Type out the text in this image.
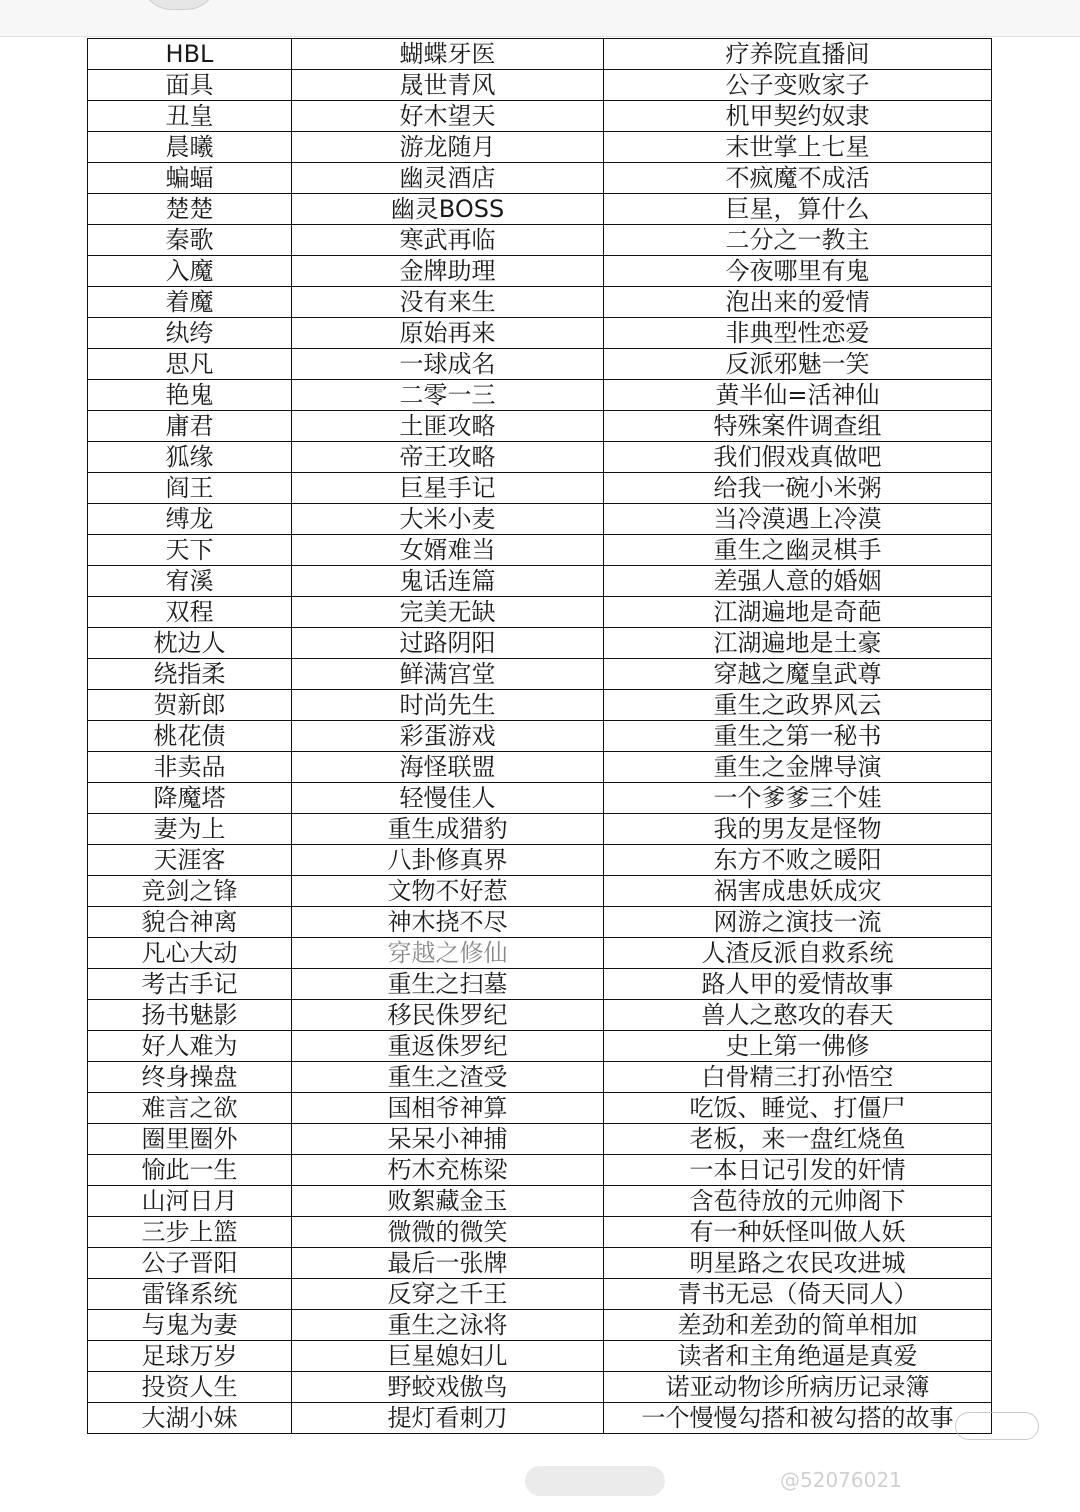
HBL	蝴蝶牙医	疗养院直播间
面具	晟世青风	公子变败家子
丑皇	好木望天	机甲契约奴隶
晨曦	游龙随月	末世掌上七星
蝙蝠	幽灵酒店	不疯魔不成活
楚楚	幽灵BOSS	巨星，算什么
秦歌	寒武再临	二分之一教主
入魔	金牌助理	今夜哪里有鬼
着魔	没有来生	泡出来的爱情
纨绔	原始再来	非典型性恋爱
思凡	一球成名	反派邪魅一笑
艳鬼	二零一三	黄半仙=活神仙
庸君	土匪攻略	特殊案件调查组
狐缘	帝王攻略	我们假戏真做吧
阎王	巨星手记	给我一碗小米粥
缚龙	大米小麦	当冷漠遇上冷漠
天下	女婿难当	重生之幽灵棋手
宥溪	鬼话连篇	差强人意的婚姻
双程	完美无缺	江湖遍地是奇葩
枕边人	过路阴阳	江湖遍地是土豪
绕指柔	鲜满宫堂	穿越之魔皇武尊
贺新郎	时尚先生	重生之政界风云
桃花债	彩蛋游戏	重生之第一秘书
非卖品	海怪联盟	重生之金牌导演
降魔塔	轻慢佳人	一个爹爹三个娃
妻为上	重生成猎豹	我的男友是怪物
天涯客	八卦修真界	东方不败之暖阳
竞剑之锋	文物不好惹	祸害成患妖成灾
貌合神离	神木挠不尽	网游之演技一流
凡心大动	穿越之修仙	人渣反派自救系统
考古手记	重生之扫墓	路人甲的爱情故事
扬书魅影	移民侏罗纪	兽人之憨攻的春天
好人难为	重返侏罗纪	史上第一佛修
终身操盘	重生之渣受	白骨精三打孙悟空
难言之欲	国相爷神算	吃饭、睡觉、打僵尸
圈里圈外	呆呆小神捕	老板，来一盘红烧鱼
愉此一生	朽木充栋梁	一本日记引发的奸情
山河日月	败絮藏金玉	含苞待放的元帅阁下
三步上篮	微微的微笑	有一种妖怪叫做人妖
公子晋阳	最后一张牌	明星路之农民攻进城
雷锋系统	反穿之千王	青书无忌（倚天同人）
与鬼为妻	重生之泳将	差劲和差劲的简单相加
足球万岁	巨星媳妇儿	读者和主角绝逼是真爱
投资人生	野蛟戏傲鸟	诺亚动物诊所病历记录簿
大湖小妹	提灯看刺刀	一个慢慢勾搭和被勾搭的故事
@52076021
